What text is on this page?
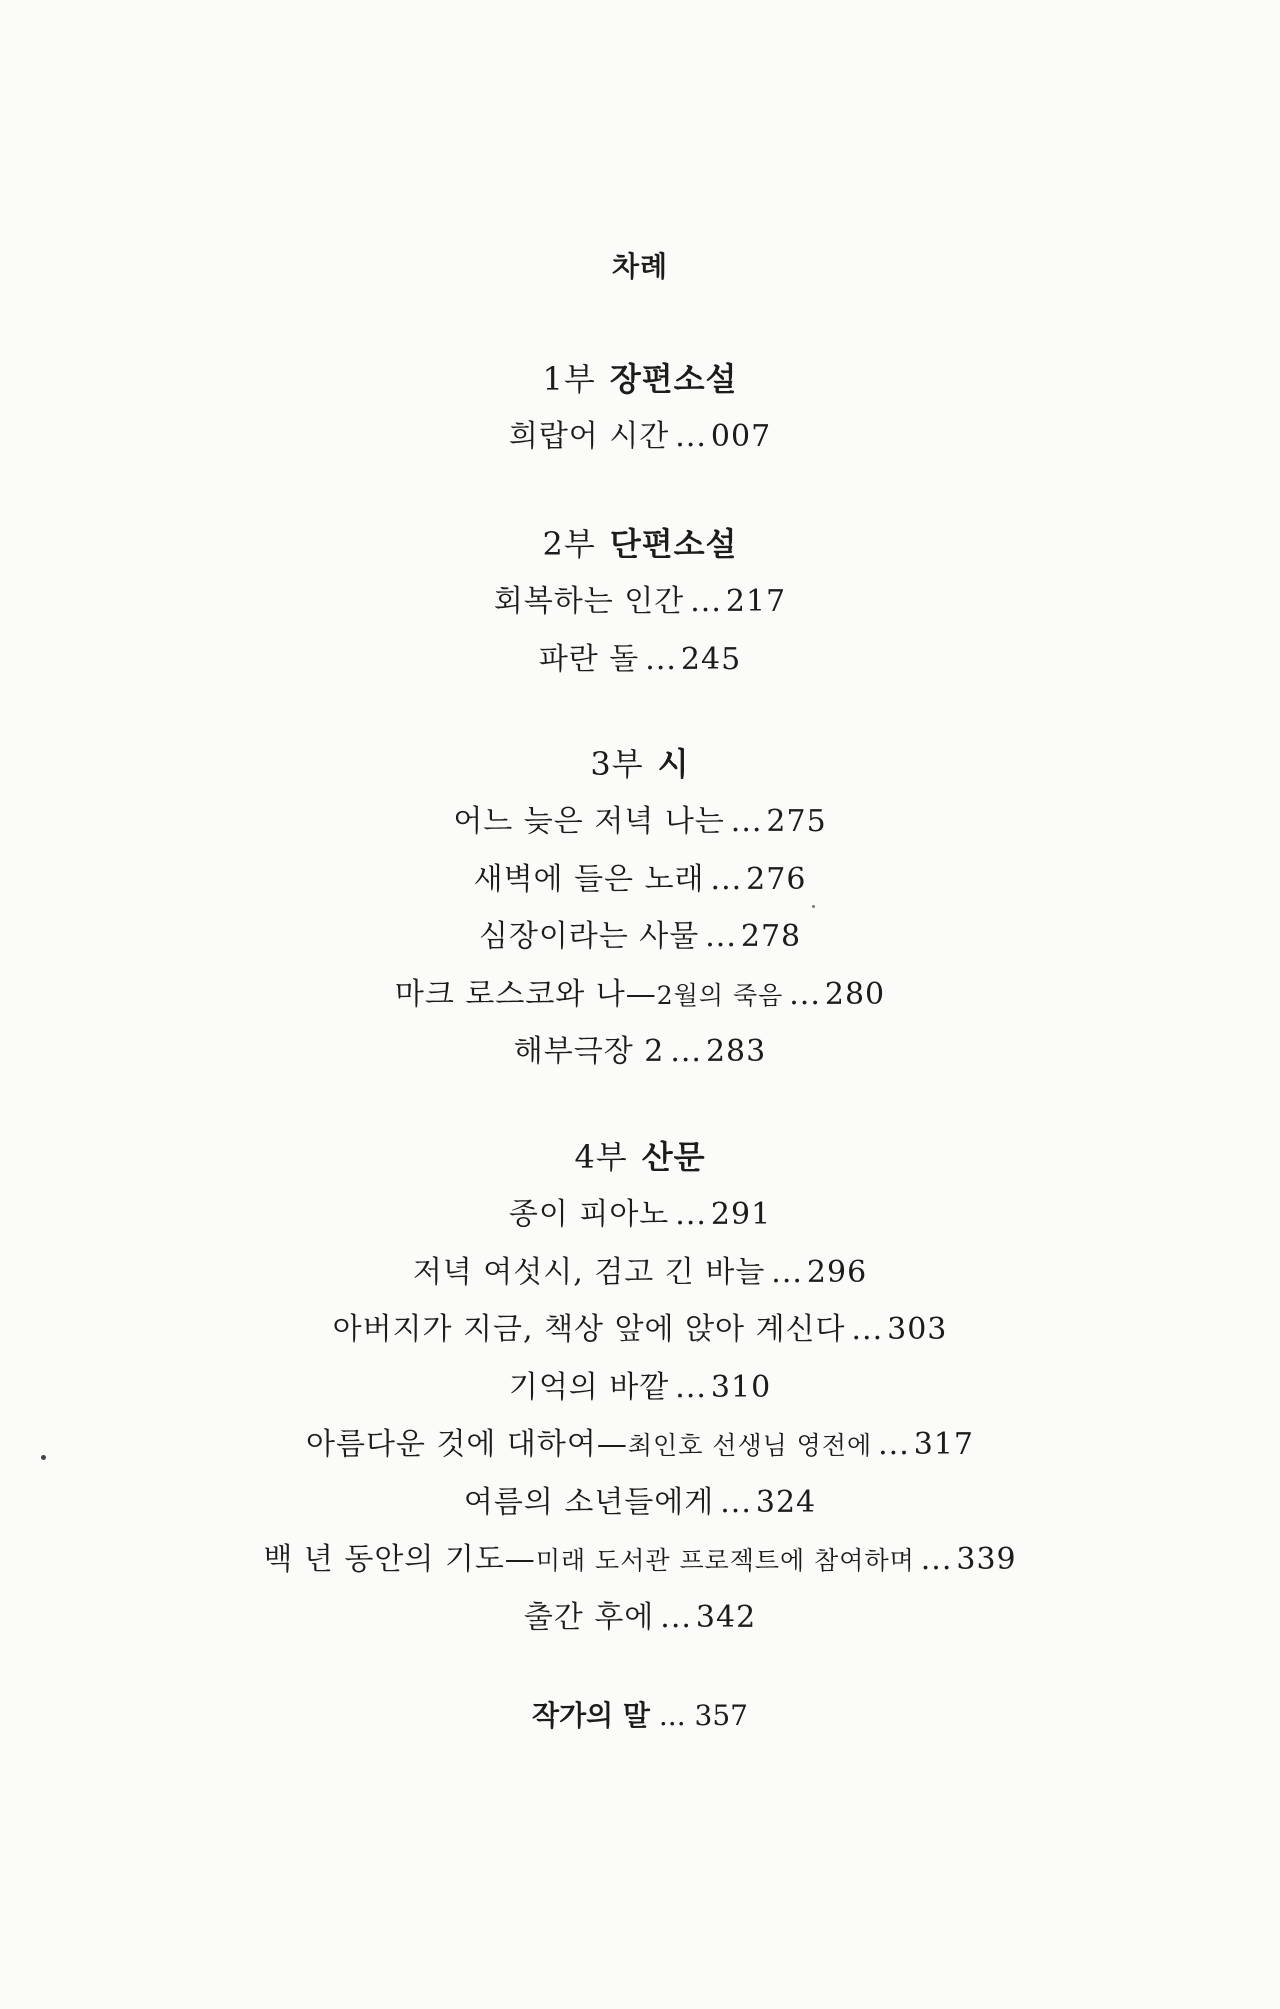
차례
1부 장편소설
희랍어 시간 ... 007
2부 단편소설
회복하는 인간 ... 217
파란 돌 ... 245
3부 시
어느 늦은 저녁 나는 ... 275
새벽에 들은 노래 ... 276
심장이라는 사물 ... 278
마크 로스코와 나—2월의 죽음 ... 280
해부극장 2 ... 283
4부 산문
종이 피아노 ... 291
저녁 여섯시, 검고 긴 바늘 ... 296
아버지가 지금, 책상 앞에 앉아 계신다 ... 303
기억의 바깥 ... 310
아름다운 것에 대하여—최인호 선생님 영전에 ... 317
여름의 소년들에게 ... 324
백 년 동안의 기도—미래 도서관 프로젝트에 참여하며 ... 339
출간 후에 ... 342
작가의 말 ... 357
